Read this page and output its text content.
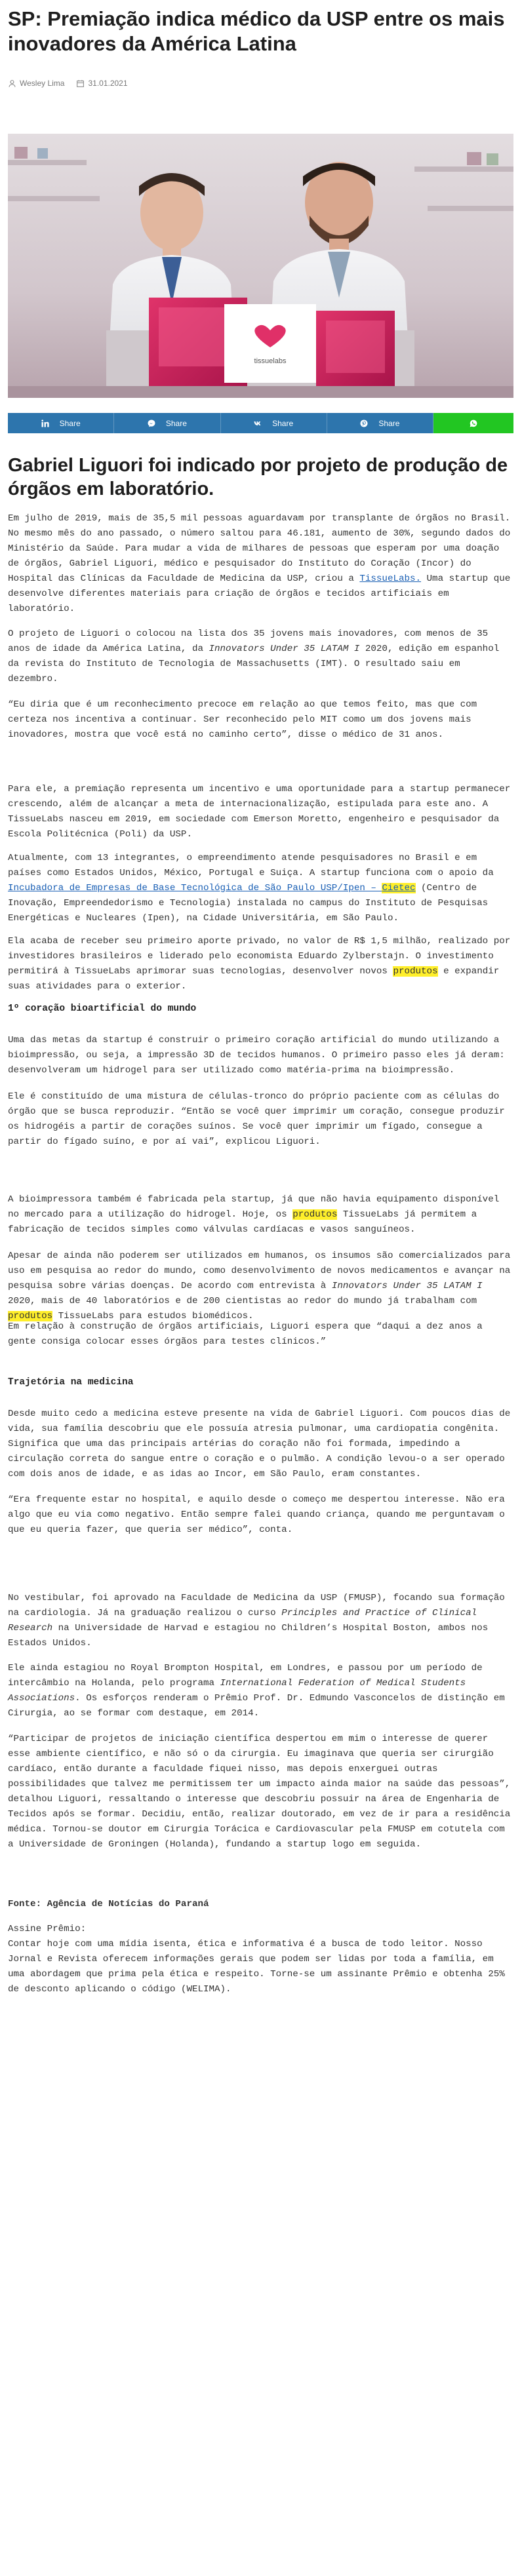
SP: Premiação indica médico da USP entre os mais inovadores da América Latina
Wesley Lima	31.01.2021
tissuelabs
Share	Share	Share	Share
Gabriel Liguori foi indicado por projeto de produção de órgãos em laboratório.

Em julho de 2019, mais de 35,5 mil pessoas aguardavam por transplante de órgãos no Brasil. No mesmo mês do ano passado, o número saltou para 46.181, aumento de 30%, segundo dados do Ministério da Saúde. Para mudar a vida de milhares de pessoas que esperam por uma doação de órgãos, Gabriel Liguori, médico e pesquisador do Instituto do Coração (Incor) do Hospital das Clínicas da Faculdade de Medicina da USP, criou a TissueLabs. Uma startup que desenvolve diferentes materiais para criação de órgãos e tecidos artificiais em laboratório.

O projeto de Liguori o colocou na lista dos 35 jovens mais inovadores, com menos de 35 anos de idade da América Latina, da Innovators Under 35 LATAM I 2020, edição em espanhol da revista do Instituto de Tecnologia de Massachusetts (IMT). O resultado saiu em dezembro.

“Eu diria que é um reconhecimento precoce em relação ao que temos feito, mas que com certeza nos incentiva a continuar. Ser reconhecido pelo MIT como um dos jovens mais inovadores, mostra que você está no caminho certo”, disse o médico de 31 anos.

Para ele, a premiação representa um incentivo e uma oportunidade para a startup permanecer crescendo, além de alcançar a meta de internacionalização, estipulada para este ano. A TissueLabs nasceu em 2019, em sociedade com Emerson Moretto, engenheiro e pesquisador da Escola Politécnica (Poli) da USP.

Atualmente, com 13 integrantes, o empreendimento atende pesquisadores no Brasil e em países como Estados Unidos, México, Portugal e Suiça. A startup funciona com o apoio da Incubadora de Empresas de Base Tecnológica de São Paulo USP/Ipen – Cietec (Centro de Inovação, Empreendedorismo e Tecnologia) instalada no campus do Instituto de Pesquisas Energéticas e Nucleares (Ipen), na Cidade Universitária, em São Paulo.

Ela acaba de receber seu primeiro aporte privado, no valor de R$ 1,5 milhão, realizado por investidores brasileiros e liderado pelo economista Eduardo Zylberstajn. O investimento permitirá à TissueLabs aprimorar suas tecnologias, desenvolver novos produtos e expandir suas atividades para o exterior.

1º coração bioartificial do mundo

Uma das metas da startup é construir o primeiro coração artificial do mundo utilizando a bioimpressão, ou seja, a impressão 3D de tecidos humanos. O primeiro passo eles já deram: desenvolveram um hidrogel para ser utilizado como matéria-prima na bioimpressão.

Ele é constituído de uma mistura de células-tronco do próprio paciente com as células do órgão que se busca reproduzir. “Então se você quer imprimir um coração, consegue produzir os hidrogéis a partir de corações suínos. Se você quer imprimir um fígado, consegue a partir do fígado suíno, e por aí vai”, explicou Liguori.

A bioimpressora também é fabricada pela startup, já que não havia equipamento disponível no mercado para a utilização do hidrogel. Hoje, os produtos TissueLabs já permitem a fabricação de tecidos simples como válvulas cardíacas e vasos sanguíneos.

Apesar de ainda não poderem ser utilizados em humanos, os insumos são comercializados para uso em pesquisa ao redor do mundo, como desenvolvimento de novos medicamentos e avançar na pesquisa sobre várias doenças. De acordo com entrevista à Innovators Under 35 LATAM I 2020, mais de 40 laboratórios e de 200 cientistas ao redor do mundo já trabalham com produtos TissueLabs para estudos biomédicos.

Em relação à construção de órgãos artificiais, Liguori espera que “daqui a dez anos a gente consiga colocar esses órgãos para testes clínicos.”

Trajetória na medicina

Desde muito cedo a medicina esteve presente na vida de Gabriel Liguori. Com poucos dias de vida, sua família descobriu que ele possuía atresia pulmonar, uma cardiopatia congênita. Significa que uma das principais artérias do coração não foi formada, impedindo a circulação correta do sangue entre o coração e o pulmão. A condição levou-o a ser operado com dois anos de idade, e as idas ao Incor, em São Paulo, eram constantes.

“Era frequente estar no hospital, e aquilo desde o começo me despertou interesse. Não era algo que eu via como negativo. Então sempre falei quando criança, quando me perguntavam o que eu queria fazer, que queria ser médico”, conta.

No vestibular, foi aprovado na Faculdade de Medicina da USP (FMUSP), focando sua formação na cardiologia. Já na graduação realizou o curso Principles and Practice of Clinical Research na Universidade de Harvad e estagiou no Children’s Hospital Boston, ambos nos Estados Unidos.

Ele ainda estagiou no Royal Brompton Hospital, em Londres, e passou por um período de intercâmbio na Holanda, pelo programa International Federation of Medical Students Associations. Os esforços renderam o Prêmio Prof. Dr. Edmundo Vasconcelos de distinção em Cirurgia, ao se formar com destaque, em 2014.

“Participar de projetos de iniciação científica despertou em mim o interesse de querer esse ambiente científico, e não só o da cirurgia. Eu imaginava que queria ser cirurgião cardíaco, então durante a faculdade fiquei nisso, mas depois enxerguei outras possibilidades que talvez me permitissem ter um impacto ainda maior na saúde das pessoas”, detalhou Liguori, ressaltando o interesse que descobriu possuir na área de Engenharia de Tecidos após se formar. Decidiu, então, realizar doutorado, em vez de ir para a residência médica. Tornou-se doutor em Cirurgia Torácica e Cardiovascular pela FMUSP em cotutela com a Universidade de Groningen (Holanda), fundando a startup logo em seguida.

Fonte: Agência de Notícias do Paraná

Assine Prêmio:

Contar hoje com uma mídia isenta, ética e informativa é a busca de todo leitor. Nosso Jornal e Revista oferecem informações gerais que podem ser lidas por toda a família, em uma abordagem que prima pela ética e respeito. Torne-se um assinante Prêmio e obtenha 25% de desconto aplicando o código (WELIMA).
